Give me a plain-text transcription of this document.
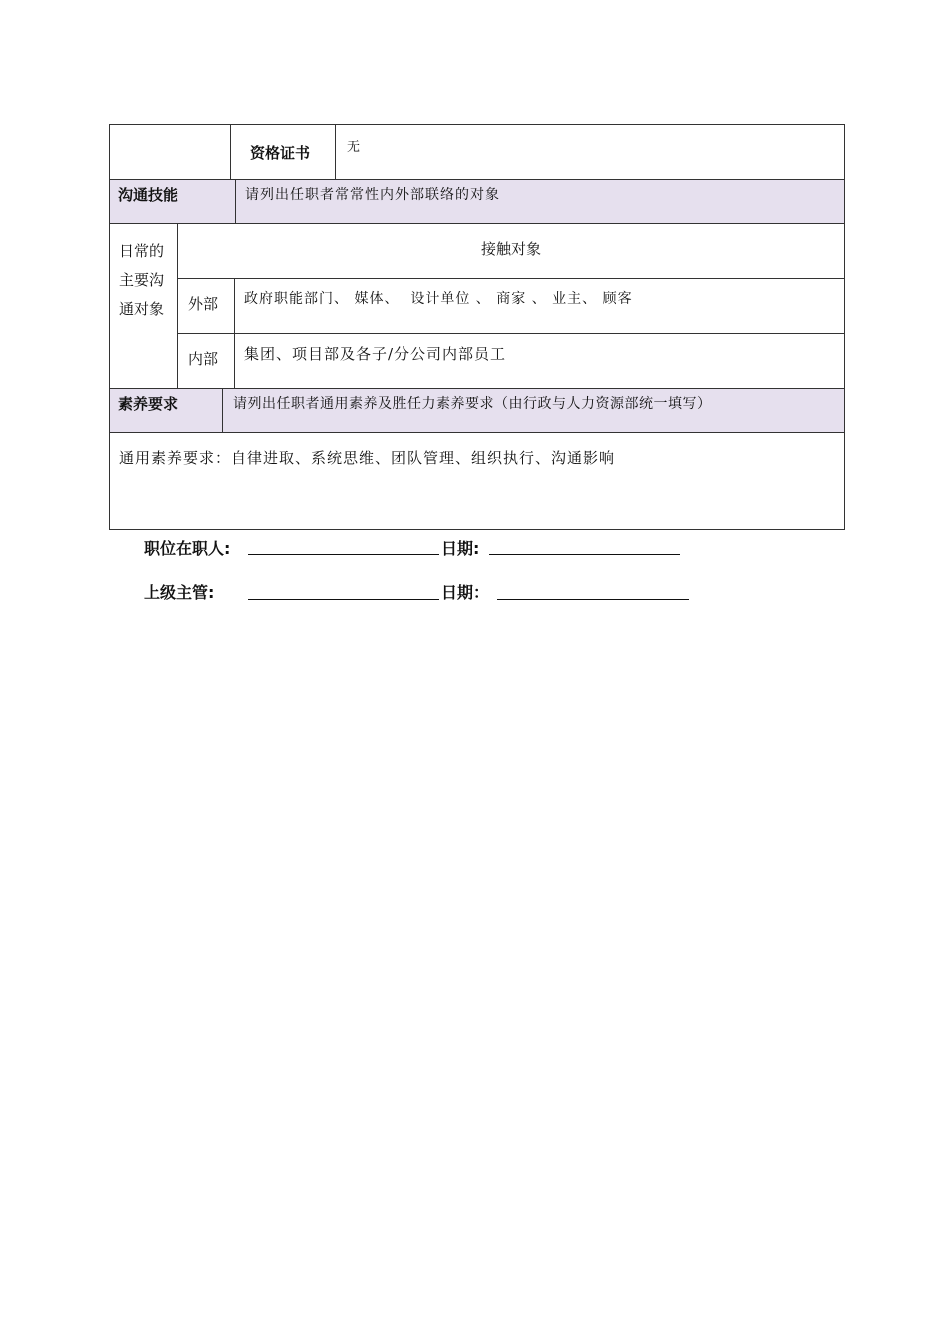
资格证书	无
沟通技能	请列出任职者常常性内外部联络的对象
日常的
主要沟
通对象
接触对象
外部 政府职能部门、 媒体、  设计单位 、 商家 、 业主、 顾客
内部 集团、项目部及各子/分公司内部员工
素养要求	请列出任职者通用素养及胜任力素养要求（由行政与人力资源部统一填写）
通用素养要求：自律进取、系统思维、团队管理、组织执行、沟通影响
职位在职人:	日期:
上级主管:	日期：
